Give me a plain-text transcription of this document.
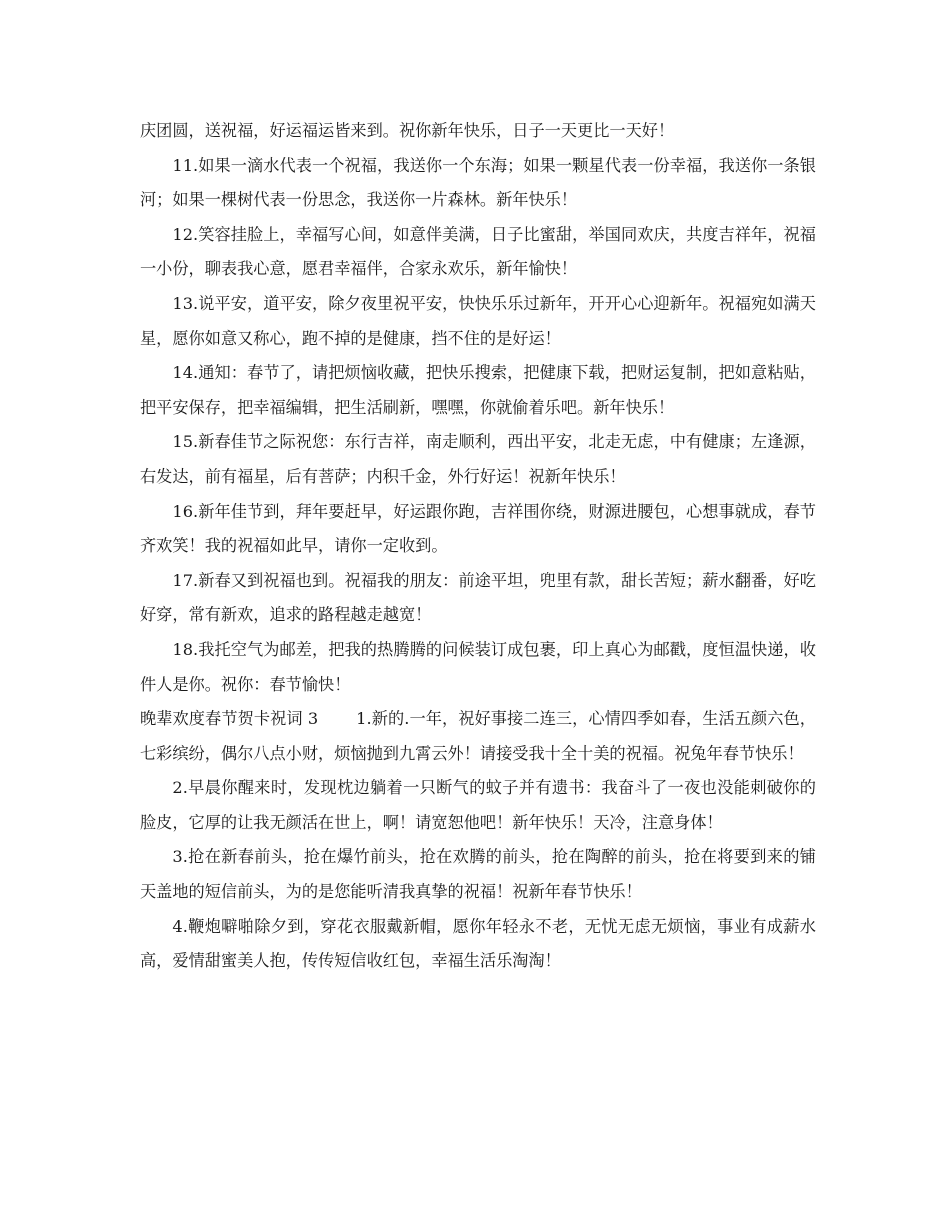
庆团圆，送祝福，好运福运皆来到。祝你新年快乐，日子一天更比一天好！

11.如果一滴水代表一个祝福，我送你一个东海；如果一颗星代表一份幸福，我送你一条银河；如果一棵树代表一份思念，我送你一片森林。新年快乐！

12.笑容挂脸上，幸福写心间，如意伴美满，日子比蜜甜，举国同欢庆，共度吉祥年，祝福一小份，聊表我心意，愿君幸福伴，合家永欢乐，新年愉快！

13.说平安，道平安，除夕夜里祝平安，快快乐乐过新年，开开心心迎新年。祝福宛如满天星，愿你如意又称心，跑不掉的是健康，挡不住的是好运！

14.通知：春节了，请把烦恼收藏，把快乐搜索，把健康下载，把财运复制，把如意粘贴，把平安保存，把幸福编辑，把生活刷新，嘿嘿，你就偷着乐吧。新年快乐！

15.新春佳节之际祝您：东行吉祥，南走顺利，西出平安，北走无虑，中有健康；左逢源，右发达，前有福星，后有菩萨；内积千金，外行好运！祝新年快乐！

16.新年佳节到，拜年要赶早，好运跟你跑，吉祥围你绕，财源进腰包，心想事就成，春节齐欢笑！我的祝福如此早，请你一定收到。

17.新春又到祝福也到。祝福我的朋友：前途平坦，兜里有款，甜长苦短；薪水翻番，好吃好穿，常有新欢，追求的路程越走越宽！

18.我托空气为邮差，把我的热腾腾的问候装订成包裹，印上真心为邮戳，度恒温快递，收件人是你。祝你：春节愉快！

晚辈欢度春节贺卡祝词 3 1.新的.一年，祝好事接二连三，心情四季如春，生活五颜六色，七彩缤纷，偶尔八点小财，烦恼抛到九霄云外！请接受我十全十美的祝福。祝兔年春节快乐！

2.早晨你醒来时，发现枕边躺着一只断气的蚊子并有遗书：我奋斗了一夜也没能刺破你的脸皮，它厚的让我无颜活在世上，啊！请宽恕他吧！新年快乐！天冷，注意身体！

3.抢在新春前头，抢在爆竹前头，抢在欢腾的前头，抢在陶醉的前头，抢在将要到来的铺天盖地的短信前头，为的是您能听清我真挚的祝福！祝新年春节快乐！

4.鞭炮噼啪除夕到，穿花衣服戴新帽，愿你年轻永不老，无忧无虑无烦恼，事业有成薪水高，爱情甜蜜美人抱，传传短信收红包，幸福生活乐淘淘！
